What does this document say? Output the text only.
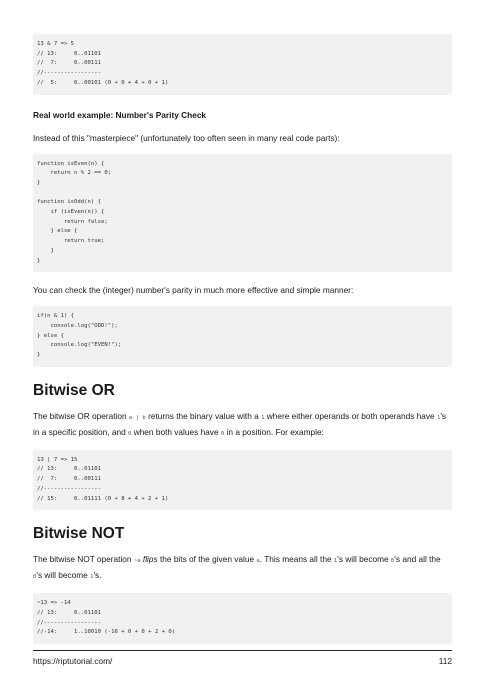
13 & 7 => 5
// 13:     0..01101
//  7:     0..00111
//-----------------
//  5:     0..00101 (0 + 0 + 4 + 0 + 1)
Real world example: Number's Parity Check

Instead of this "masterpiece" (unfortunately too often seen in many real code parts):

function isEven(n) {
return n % 2 == 0;
}

function isOdd(n) {
if (isEven(n)) {
return false;
} else {
return true;
}
}

You can check the (integer) number's parity in much more effective and simple manner:

if(n & 1) {
console.log("ODD!");
} else {
console.log("EVEN!");
}
Bitwise OR

The bitwise OR operation a | b returns the binary value with a 1 where either operands or both operands have 1's in a specific position, and 0 when both values have 0 in a position. For example:

13 | 7 => 15
// 13:     0..01101
//  7:     0..00111
//-----------------
// 15:     0..01111 (0 + 8 + 4 + 2 + 1)
Bitwise NOT

The bitwise NOT operation ~a flips the bits of the given value a. This means all the 1's will become 0's and all the 0's will become 1's.

~13 => -14
// 13:     0..01101
//-----------------
//-14:     1..10010 (-16 + 0 + 0 + 2 + 0)
https://riptutorial.com/	112
